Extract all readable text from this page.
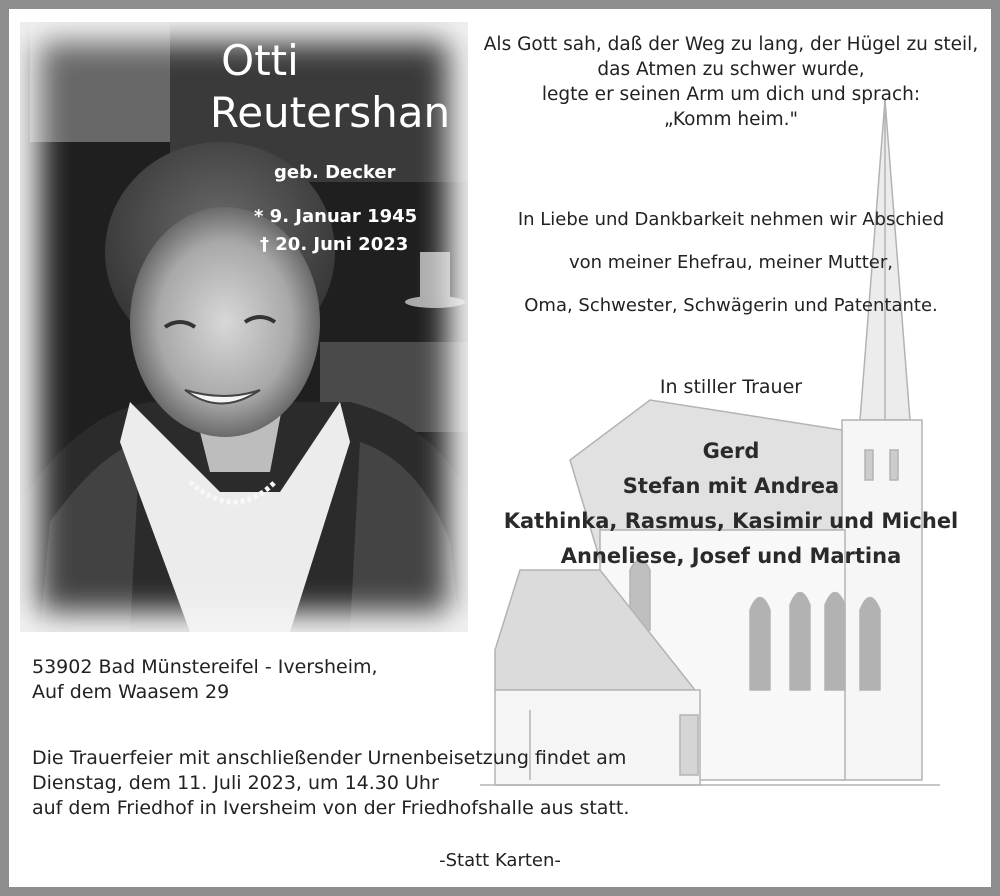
Otti
Reutershan
geb. Decker
* 9. Januar 1945
† 20. Juni 2023
Als Gott sah, daß der Weg zu lang, der Hügel zu steil,
das Atmen zu schwer wurde,
legte er seinen Arm um dich und sprach:
„Komm heim."
In Liebe und Dankbarkeit nehmen wir Abschied
von meiner Ehefrau, meiner Mutter,
Oma, Schwester, Schwägerin und Patentante.
In stiller Trauer
Gerd
Stefan mit Andrea
Kathinka, Rasmus, Kasimir und Michel
Anneliese, Josef und Martina
53902 Bad Münstereifel - Iversheim,
Auf dem Waasem 29
Die Trauerfeier mit anschließender Urnenbeisetzung findet am
Dienstag, dem 11. Juli 2023, um 14.30 Uhr
auf dem Friedhof in Iversheim von der Friedhofshalle aus statt.
-Statt Karten-
